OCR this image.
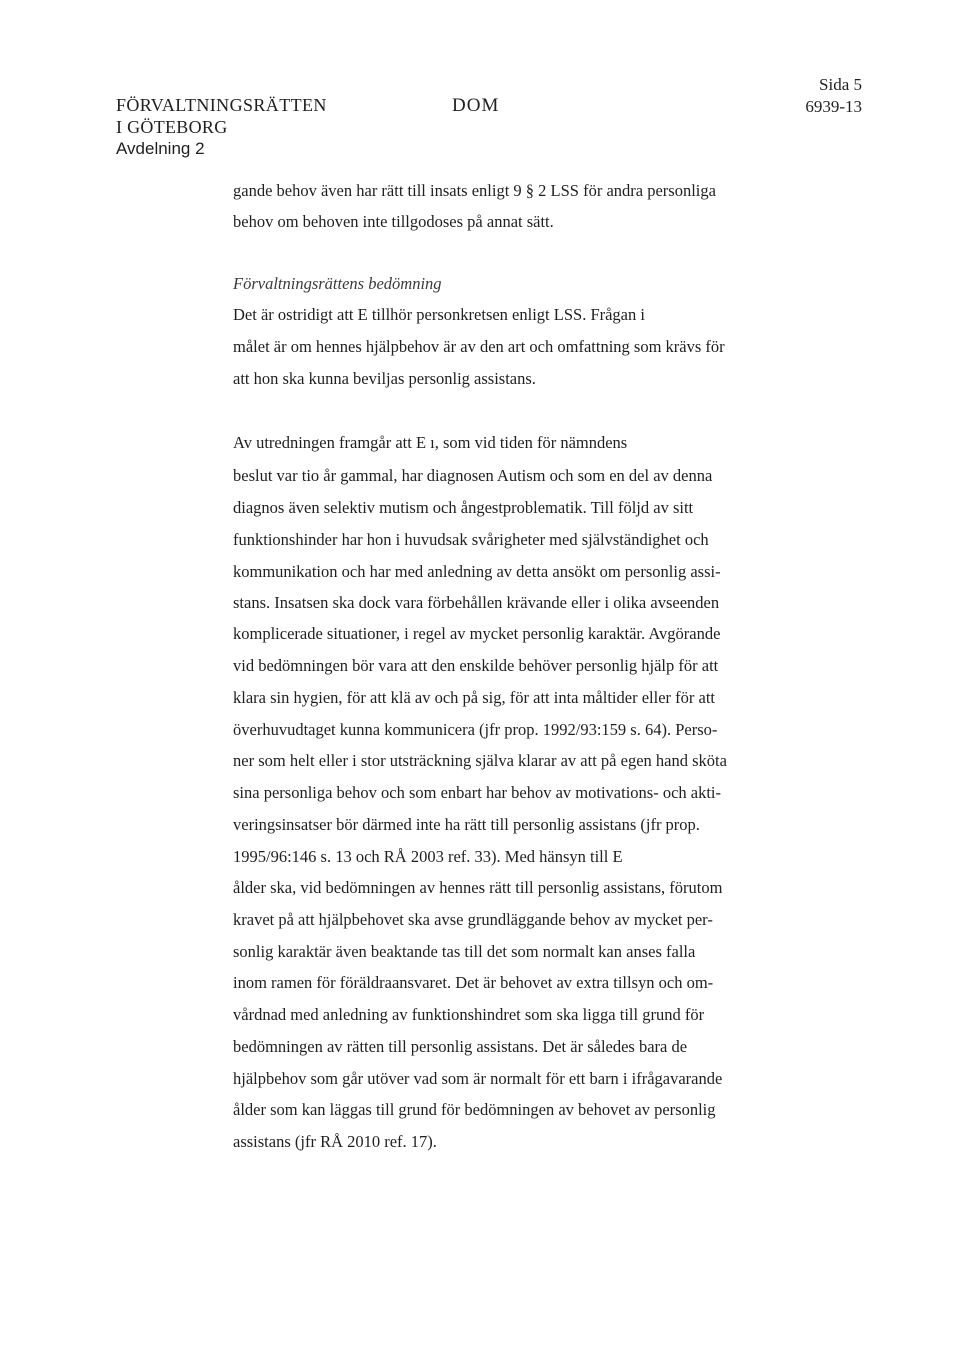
FÖRVALTNINGSRÄTTEN
I GÖTEBORG
Avdelning 2
DOM
Sida 5
6939-13
gande behov även har rätt till insats enligt 9 § 2 LSS för andra personliga
behov om behoven inte tillgodoses på annat sätt.
Förvaltningsrättens bedömning
Det är ostridigt att E tillhör personkretsen enligt LSS. Frågan i
målet är om hennes hjälpbehov är av den art och omfattning som krävs för
att hon ska kunna beviljas personlig assistans.
Av utredningen framgår att E ı, som vid tiden för nämndens
beslut var tio år gammal, har diagnosen Autism och som en del av denna
diagnos även selektiv mutism och ångestproblematik. Till följd av sitt
funktionshinder har hon i huvudsak svårigheter med självständighet och
kommunikation och har med anledning av detta ansökt om personlig assi-
stans. Insatsen ska dock vara förbehållen krävande eller i olika avseenden
komplicerade situationer, i regel av mycket personlig karaktär. Avgörande
vid bedömningen bör vara att den enskilde behöver personlig hjälp för att
klara sin hygien, för att klä av och på sig, för att inta måltider eller för att
överhuvudtaget kunna kommunicera (jfr prop. 1992/93:159 s. 64). Perso-
ner som helt eller i stor utsträckning själva klarar av att på egen hand sköta
sina personliga behov och som enbart har behov av motivations- och akti-
veringsinsatser bör därmed inte ha rätt till personlig assistans (jfr prop.
1995/96:146 s. 13 och RÅ 2003 ref. 33). Med hänsyn till E
ålder ska, vid bedömningen av hennes rätt till personlig assistans, förutom
kravet på att hjälpbehovet ska avse grundläggande behov av mycket per-
sonlig karaktär även beaktande tas till det som normalt kan anses falla
inom ramen för föräldraansvaret. Det är behovet av extra tillsyn och om-
vårdnad med anledning av funktionshindret som ska ligga till grund för
bedömningen av rätten till personlig assistans. Det är således bara de
hjälpbehov som går utöver vad som är normalt för ett barn i ifrågavarande
ålder som kan läggas till grund för bedömningen av behovet av personlig
assistans (jfr RÅ 2010 ref. 17).
